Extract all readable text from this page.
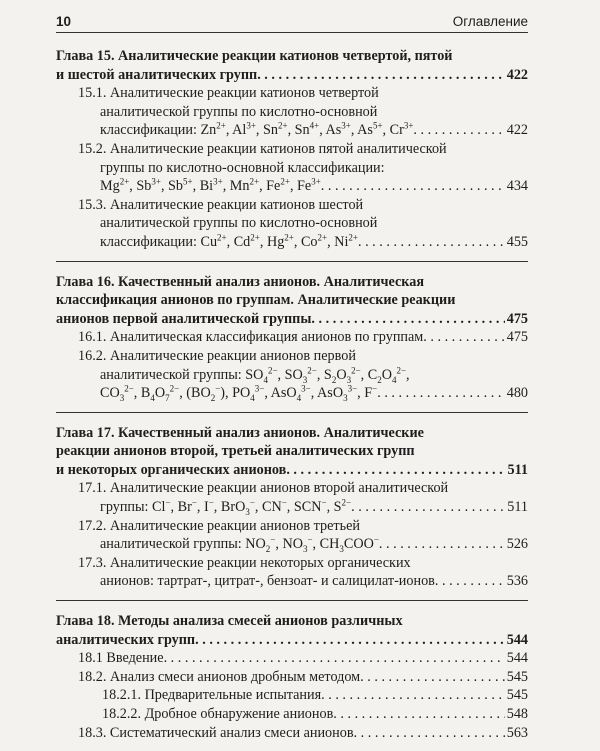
10	Оглавление
Глава 15. Аналитические реакции катионов четвертой, пятой
и шестой аналитических групп . . .	422
15.1. Аналитические реакции катионов четвертой
аналитической группы по кислотно-основной
классификации: $Zn^{2+}$, $Al^{3+}$, $Sn^{2+}$, $Sn^{4+}$, $As^{3+}$, $As^{5+}$, $Cr^{3+}$ . . .	422
15.2. Аналитические реакции катионов пятой аналитической
группы по кислотно-основной классификации:
$Mg^{2+}$, $Sb^{3+}$, $Sb^{5+}$, $Bi^{3+}$, $Mn^{2+}$, $Fe^{2+}$, $Fe^{3+}$ . . .	434
15.3. Аналитические реакции катионов шестой
аналитической группы по кислотно-основной
классификации: $Cu^{2+}$, $Cd^{2+}$, $Hg^{2+}$, $Co^{2+}$, $Ni^{2+}$ . . .	455
Глава 16. Качественный анализ анионов. Аналитическая
классификация анионов по группам. Аналитические реакции
анионов первой аналитической группы . . .	475
16.1. Аналитическая классификация анионов по группам . . .	475
16.2. Аналитические реакции анионов первой
аналитической группы: $SO_4^{2-}$, $SO_3^{2-}$, $S_2O_3^{2-}$, $C_2O_4^{2-}$,
$CO_3^{2-}$, $B_4O_7^{2-}$, $(BO_2^-)$, $PO_4^{3-}$, AsO$_4^{3-}$, AsO$_3^{3-}$, F− . . .	480
Глава 17. Качественный анализ анионов. Аналитические
реакции анионов второй, третьей аналитических групп
и некоторых органических анионов . . .	511
17.1. Аналитические реакции анионов второй аналитической
группы: Cl−, Br−, I−, BrO$_3$−, CN−, SCN−, $S^{2-}$ . . .	511
17.2. Аналитические реакции анионов третьей
аналитической группы: $NO_2^-$, $NO_3^-$, $CH_3COO^-$ . . .	526
17.3. Аналитические реакции некоторых органических
анионов: тартрат-, цитрат-, бензоат- и салицилат-ионов . . .	536
Глава 18. Методы анализа смесей анионов различных
аналитических групп . . .	544
18.1 Введение . . .	544
18.2. Анализ смеси анионов дробным методом . . .	545
18.2.1. Предварительные испытания . . .	545
18.2.2. Дробное обнаружение анионов . . .	548
18.3. Систематический анализ смеси анионов . . .	563
